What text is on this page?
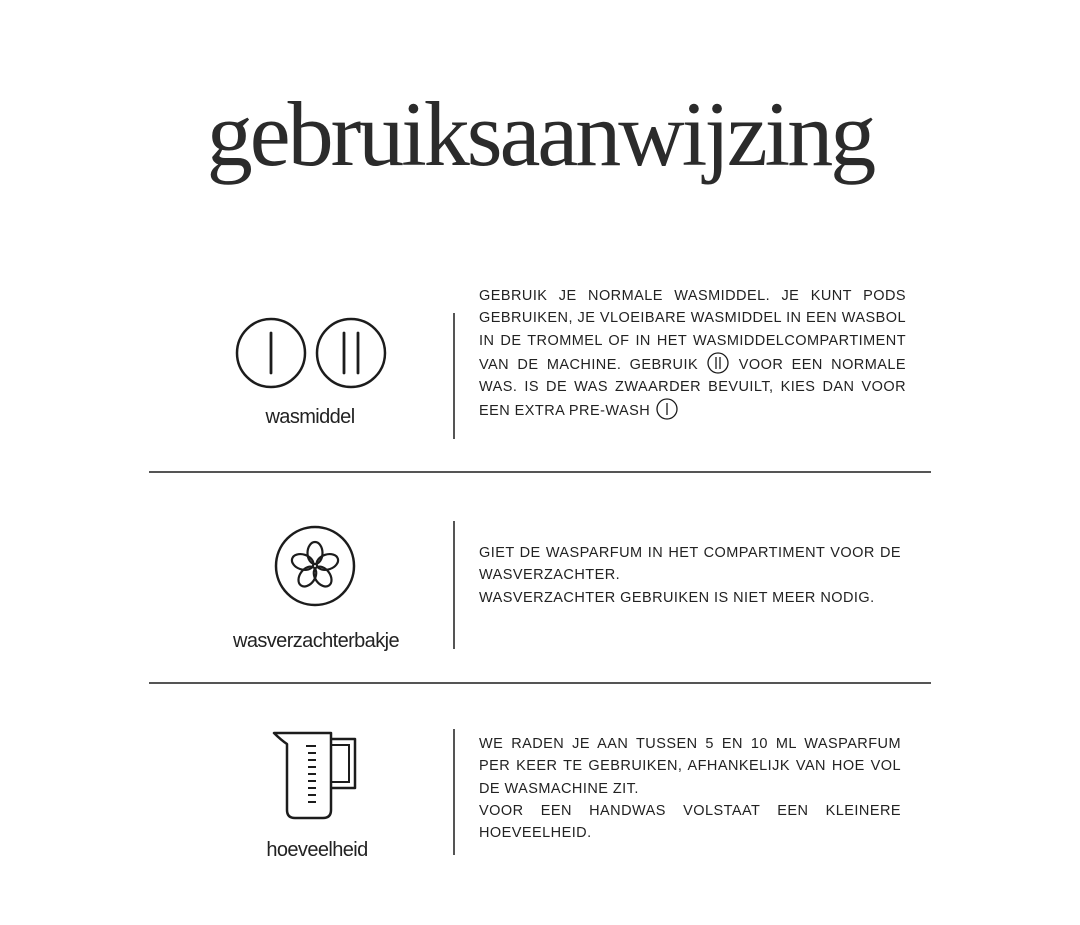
gebruiksaanwijzing
wasmiddel

GEBRUIK JE NORMALE WASMIDDEL. JE KUNT PODS GEBRUIKEN, JE VLOEIBARE WASMIDDEL IN EEN WASBOL IN DE TROMMEL OF IN HET WASMIDDELCOMPARTIMENT VAN DE MACHINE. GEBRUIK	VOOR EEN NORMALE WAS. IS DE WAS ZWAARDER BEVUILT, KIES DAN VOOR EEN EXTRA PRE-WASH

wasverzachterbakje

GIET DE WASPARFUM IN HET COMPARTIMENT VOOR DE WASVERZACHTER.

WASVERZACHTER GEBRUIKEN IS NIET MEER NODIG.

hoeveelheid

WE RADEN JE AAN TUSSEN 5 EN 10 ML WASPARFUM PER KEER TE GEBRUIKEN, AFHANKELIJK VAN HOE VOL DE WASMACHINE ZIT.

VOOR EEN HANDWAS VOLSTAAT EEN KLEINERE HOEVEELHEID.
